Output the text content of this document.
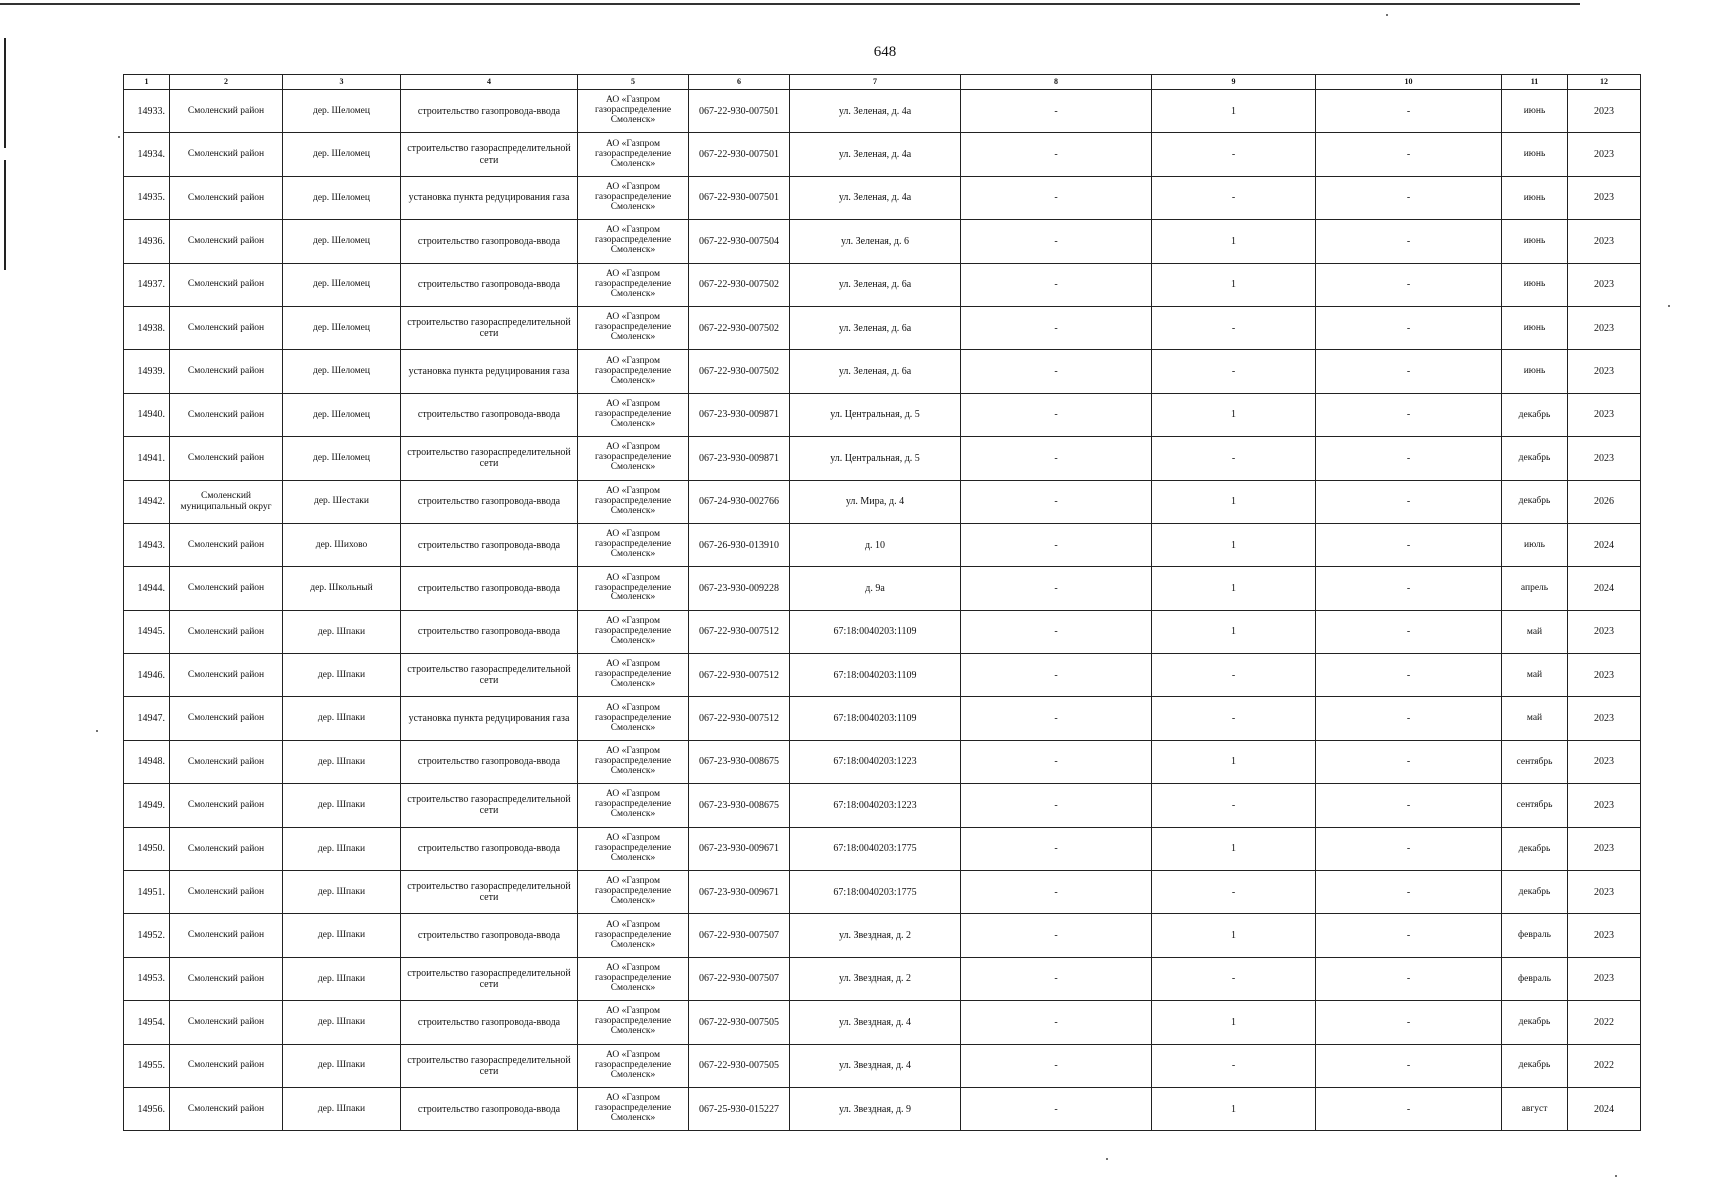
648
1	2	3	4	5	6	7	8	9	10	11	12
14933.	Смоленский район	дер. Шеломец	строительство газопровода-ввода	АО «Газпром газораспределение Смоленск»	067-22-930-007501	ул. Зеленая, д. 4а	-	1	-	июнь	2023
14934.	Смоленский район	дер. Шеломец	строительство газораспределительной сети	АО «Газпром газораспределение Смоленск»	067-22-930-007501	ул. Зеленая, д. 4а	-	-	-	июнь	2023
14935.	Смоленский район	дер. Шеломец	установка пункта редуцирования газа	АО «Газпром газораспределение Смоленск»	067-22-930-007501	ул. Зеленая, д. 4а	-	-	-	июнь	2023
14936.	Смоленский район	дер. Шеломец	строительство газопровода-ввода	АО «Газпром газораспределение Смоленск»	067-22-930-007504	ул. Зеленая, д. 6	-	1	-	июнь	2023
14937.	Смоленский район	дер. Шеломец	строительство газопровода-ввода	АО «Газпром газораспределение Смоленск»	067-22-930-007502	ул. Зеленая, д. 6а	-	1	-	июнь	2023
14938.	Смоленский район	дер. Шеломец	строительство газораспределительной сети	АО «Газпром газораспределение Смоленск»	067-22-930-007502	ул. Зеленая, д. 6а	-	-	-	июнь	2023
14939.	Смоленский район	дер. Шеломец	установка пункта редуцирования газа	АО «Газпром газораспределение Смоленск»	067-22-930-007502	ул. Зеленая, д. 6а	-	-	-	июнь	2023
14940.	Смоленский район	дер. Шеломец	строительство газопровода-ввода	АО «Газпром газораспределение Смоленск»	067-23-930-009871	ул. Центральная, д. 5	-	1	-	декабрь	2023
14941.	Смоленский район	дер. Шеломец	строительство газораспределительной сети	АО «Газпром газораспределение Смоленск»	067-23-930-009871	ул. Центральная, д. 5	-	-	-	декабрь	2023
14942.	Смоленский муниципальный округ	дер. Шестаки	строительство газопровода-ввода	АО «Газпром газораспределение Смоленск»	067-24-930-002766	ул. Мира, д. 4	-	1	-	декабрь	2026
14943.	Смоленский район	дер. Шихово	строительство газопровода-ввода	АО «Газпром газораспределение Смоленск»	067-26-930-013910	д. 10	-	1	-	июль	2024
14944.	Смоленский район	дер. Школьный	строительство газопровода-ввода	АО «Газпром газораспределение Смоленск»	067-23-930-009228	д. 9а	-	1	-	апрель	2024
14945.	Смоленский район	дер. Шпаки	строительство газопровода-ввода	АО «Газпром газораспределение Смоленск»	067-22-930-007512	67:18:0040203:1109	-	1	-	май	2023
14946.	Смоленский район	дер. Шпаки	строительство газораспределительной сети	АО «Газпром газораспределение Смоленск»	067-22-930-007512	67:18:0040203:1109	-	-	-	май	2023
14947.	Смоленский район	дер. Шпаки	установка пункта редуцирования газа	АО «Газпром газораспределение Смоленск»	067-22-930-007512	67:18:0040203:1109	-	-	-	май	2023
14948.	Смоленский район	дер. Шпаки	строительство газопровода-ввода	АО «Газпром газораспределение Смоленск»	067-23-930-008675	67:18:0040203:1223	-	1	-	сентябрь	2023
14949.	Смоленский район	дер. Шпаки	строительство газораспределительной сети	АО «Газпром газораспределение Смоленск»	067-23-930-008675	67:18:0040203:1223	-	-	-	сентябрь	2023
14950.	Смоленский район	дер. Шпаки	строительство газопровода-ввода	АО «Газпром газораспределение Смоленск»	067-23-930-009671	67:18:0040203:1775	-	1	-	декабрь	2023
14951.	Смоленский район	дер. Шпаки	строительство газораспределительной сети	АО «Газпром газораспределение Смоленск»	067-23-930-009671	67:18:0040203:1775	-	-	-	декабрь	2023
14952.	Смоленский район	дер. Шпаки	строительство газопровода-ввода	АО «Газпром газораспределение Смоленск»	067-22-930-007507	ул. Звездная, д. 2	-	1	-	февраль	2023
14953.	Смоленский район	дер. Шпаки	строительство газораспределительной сети	АО «Газпром газораспределение Смоленск»	067-22-930-007507	ул. Звездная, д. 2	-	-	-	февраль	2023
14954.	Смоленский район	дер. Шпаки	строительство газопровода-ввода	АО «Газпром газораспределение Смоленск»	067-22-930-007505	ул. Звездная, д. 4	-	1	-	декабрь	2022
14955.	Смоленский район	дер. Шпаки	строительство газораспределительной сети	АО «Газпром газораспределение Смоленск»	067-22-930-007505	ул. Звездная, д. 4	-	-	-	декабрь	2022
14956.	Смоленский район	дер. Шпаки	строительство газопровода-ввода	АО «Газпром газораспределение Смоленск»	067-25-930-015227	ул. Звездная, д. 9	-	1	-	август	2024
